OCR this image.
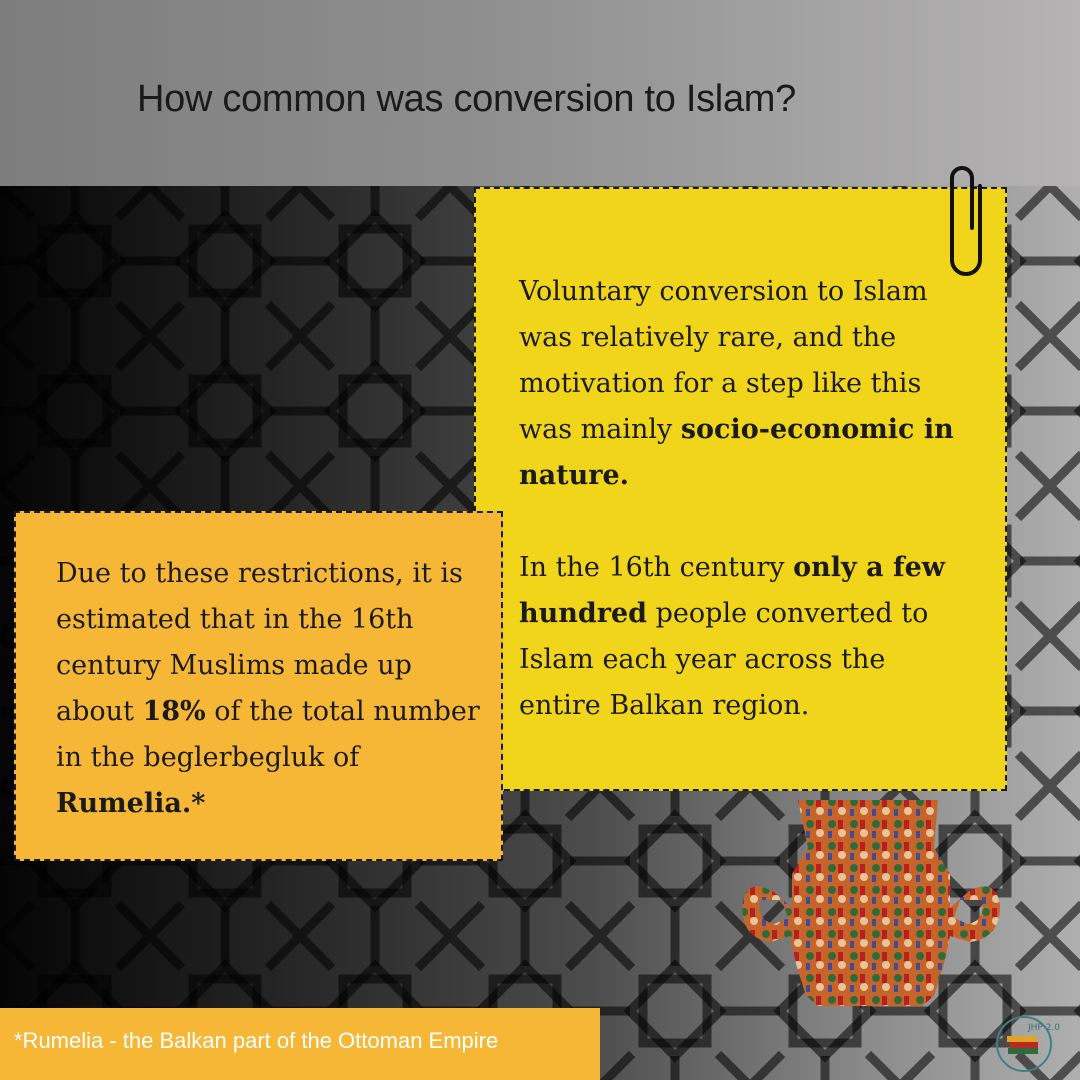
How common was conversion to Islam?

Voluntary conversion to Islam was relatively rare, and the motivation for a step like this was mainly socio-economic in nature.

In the 16th century only a few hundred people converted to Islam each year across the entire Balkan region.

Due to these restrictions, it is estimated that in the 16th century Muslims made up about 18% of the total number in the beglerbegluk of Rumelia.*

*Rumelia - the Balkan part of the Ottoman Empire	JHP 2.0
